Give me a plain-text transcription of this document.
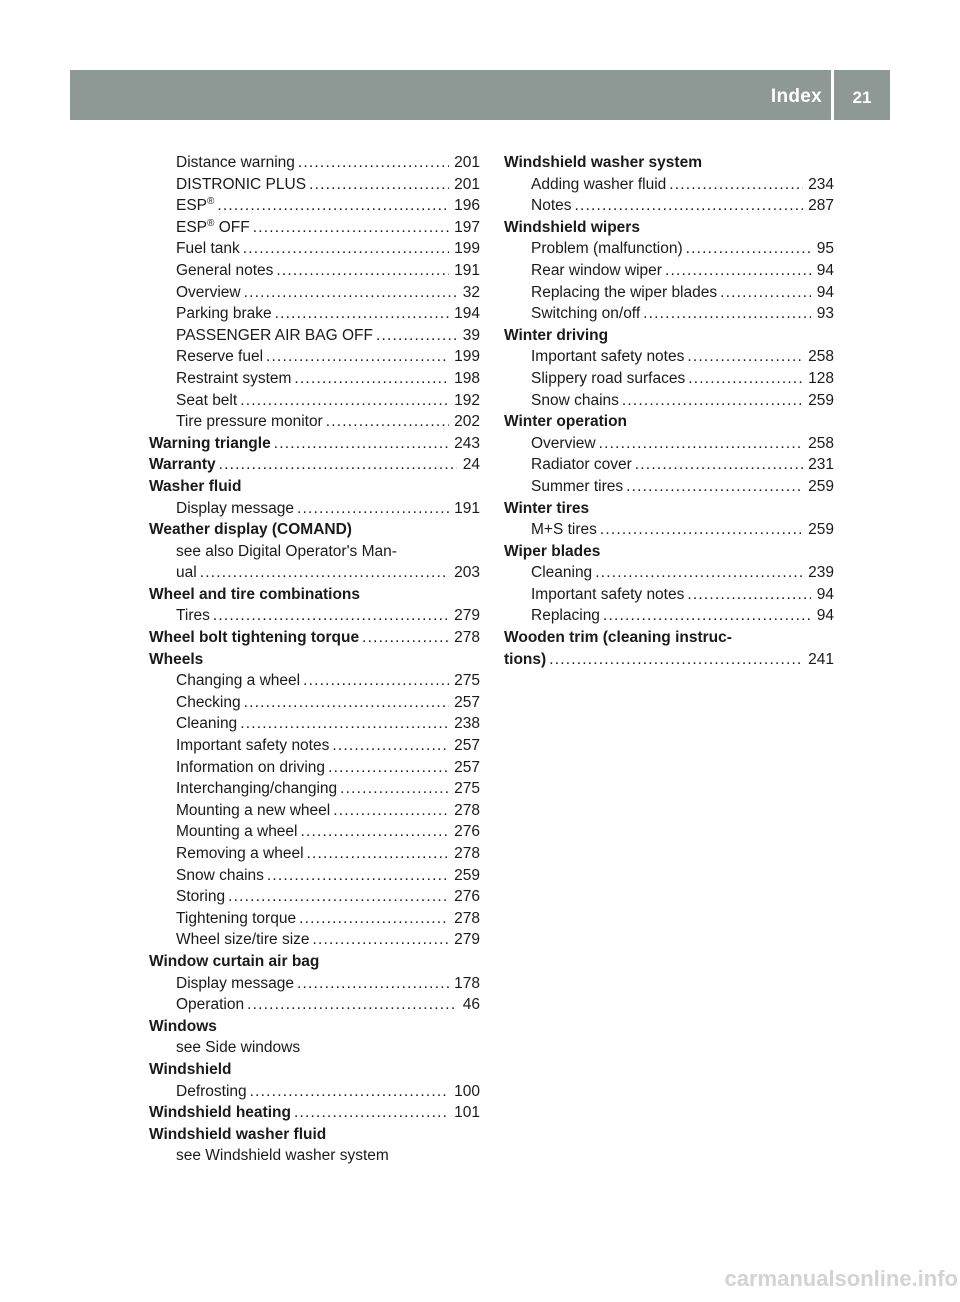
Index	21
Distance warning .....	201
DISTRONIC PLUS .....	201
ESP® .....	196
ESP® OFF .....	197
Fuel tank .....	199
General notes .....	191
Overview .....	32
Parking brake .....	194
PASSENGER AIR BAG OFF .....	39
Reserve fuel .....	199
Restraint system .....	198
Seat belt .....	192
Tire pressure monitor .....	202
Warning triangle .....	243
Warranty .....	24
Washer fluid
Display message .....	191
Weather display (COMAND)
see also Digital Operator's Man-
ual .....	203
Wheel and tire combinations
Tires .....	279
Wheel bolt tightening torque .....	278
Wheels
Changing a wheel .....	275
Checking .....	257
Cleaning .....	238
Important safety notes .....	257
Information on driving .....	257
Interchanging/changing .....	275
Mounting a new wheel .....	278
Mounting a wheel .....	276
Removing a wheel .....	278
Snow chains .....	259
Storing .....	276
Tightening torque .....	278
Wheel size/tire size .....	279
Window curtain air bag
Display message .....	178
Operation .....	46
Windows
see Side windows
Windshield
Defrosting .....	100
Windshield heating .....	101
Windshield washer fluid
see Windshield washer system
Windshield washer system
Adding washer fluid .....	234
Notes .....	287
Windshield wipers
Problem (malfunction) .....	95
Rear window wiper .....	94
Replacing the wiper blades .....	94
Switching on/off .....	93
Winter driving
Important safety notes .....	258
Slippery road surfaces .....	128
Snow chains .....	259
Winter operation
Overview .....	258
Radiator cover .....	231
Summer tires .....	259
Winter tires
M+S tires .....	259
Wiper blades
Cleaning .....	239
Important safety notes .....	94
Replacing .....	94
Wooden trim (cleaning instruc-
tions) .....	241
carmanualsonline.info
